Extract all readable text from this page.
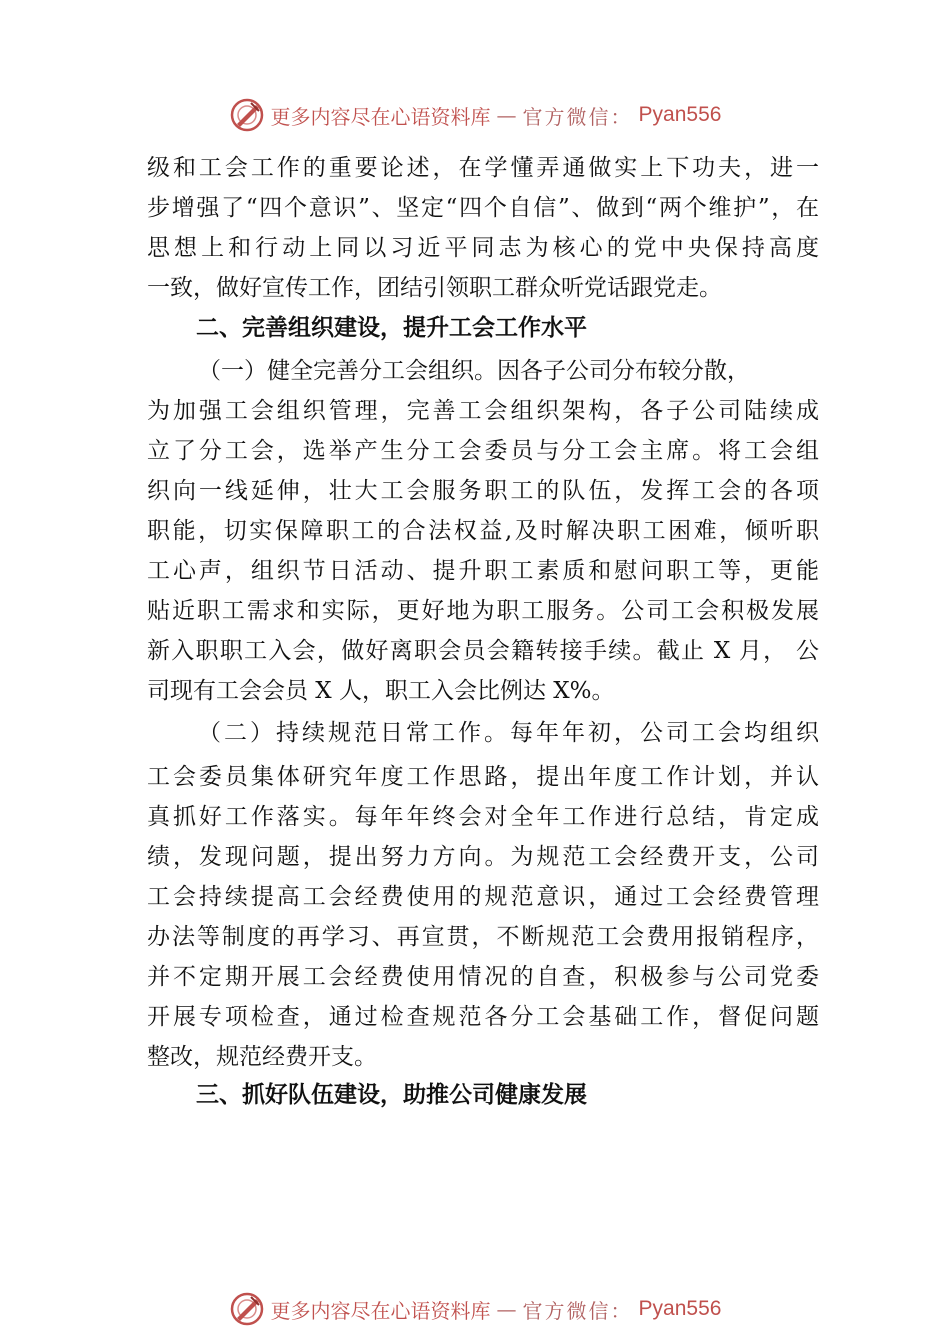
更多内容尽在心语资料库 — 官方微信： Pyan556
级和工会工作的重要论述，在学懂弄通做实上下功夫，进一
步增强了“四个意识”、坚定“四个自信”、做到“两个维护”，在
思想上和行动上同以习近平同志为核心的党中央保持高度
一致，做好宣传工作，团结引领职工群众听党话跟党走。
二、完善组织建设，提升工会工作水平
（一）健全完善分工会组织。因各子公司分布较分散，
为加强工会组织管理，完善工会组织架构，各子公司陆续成
立了分工会，选举产生分工会委员与分工会主席。将工会组
织向一线延伸，壮大工会服务职工的队伍，发挥工会的各项
职能，切实保障职工的合法权益,及时解决职工困难，倾听职
工心声，组织节日活动、提升职工素质和慰问职工等，更能
贴近职工需求和实际，更好地为职工服务。公司工会积极发展
新入职职工入会，做好离职会员会籍转接手续。截止 X 月， 公
司现有工会会员 X 人，职工入会比例达 X%。
（二）持续规范日常工作。每年年初，公司工会均组织
工会委员集体研究年度工作思路，提出年度工作计划，并认
真抓好工作落实。每年年终会对全年工作进行总结，肯定成
绩，发现问题，提出努力方向。为规范工会经费开支，公司
工会持续提高工会经费使用的规范意识，通过工会经费管理
办法等制度的再学习、再宣贯，不断规范工会费用报销程序，
并不定期开展工会经费使用情况的自查，积极参与公司党委
开展专项检查，通过检查规范各分工会基础工作，督促问题
整改，规范经费开支。
三、抓好队伍建设，助推公司健康发展
更多内容尽在心语资料库 — 官方微信： Pyan556
